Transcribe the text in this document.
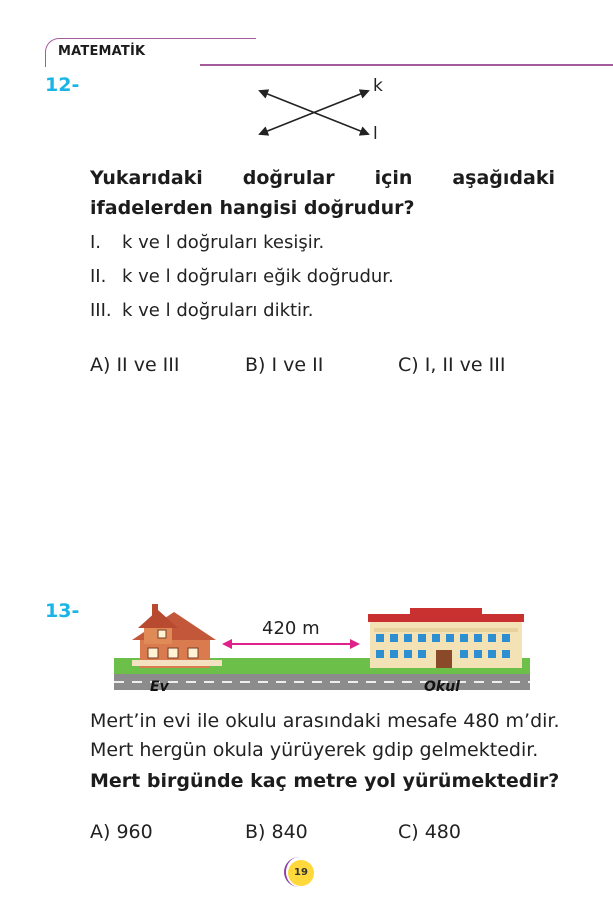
MATEMATİK
12-	k
l
Yukarıdaki doğrular için aşağıdaki ifadelerden hangisi doğrudur?
I. k ve l doğruları kesişir.
II. k ve l doğruları eğik doğrudur.
III. k ve l doğruları diktir.
A) II ve III	B) I ve II	C) I, II ve III
13-
420 m
Ev	Okul
Mert’in evi ile okulu arasındaki mesafe 480 m’dir.
Mert hergün okula yürüyerek gdip gelmektedir.
Mert birgünde kaç metre yol yürümektedir?
A) 960	B) 840	C) 480
19
